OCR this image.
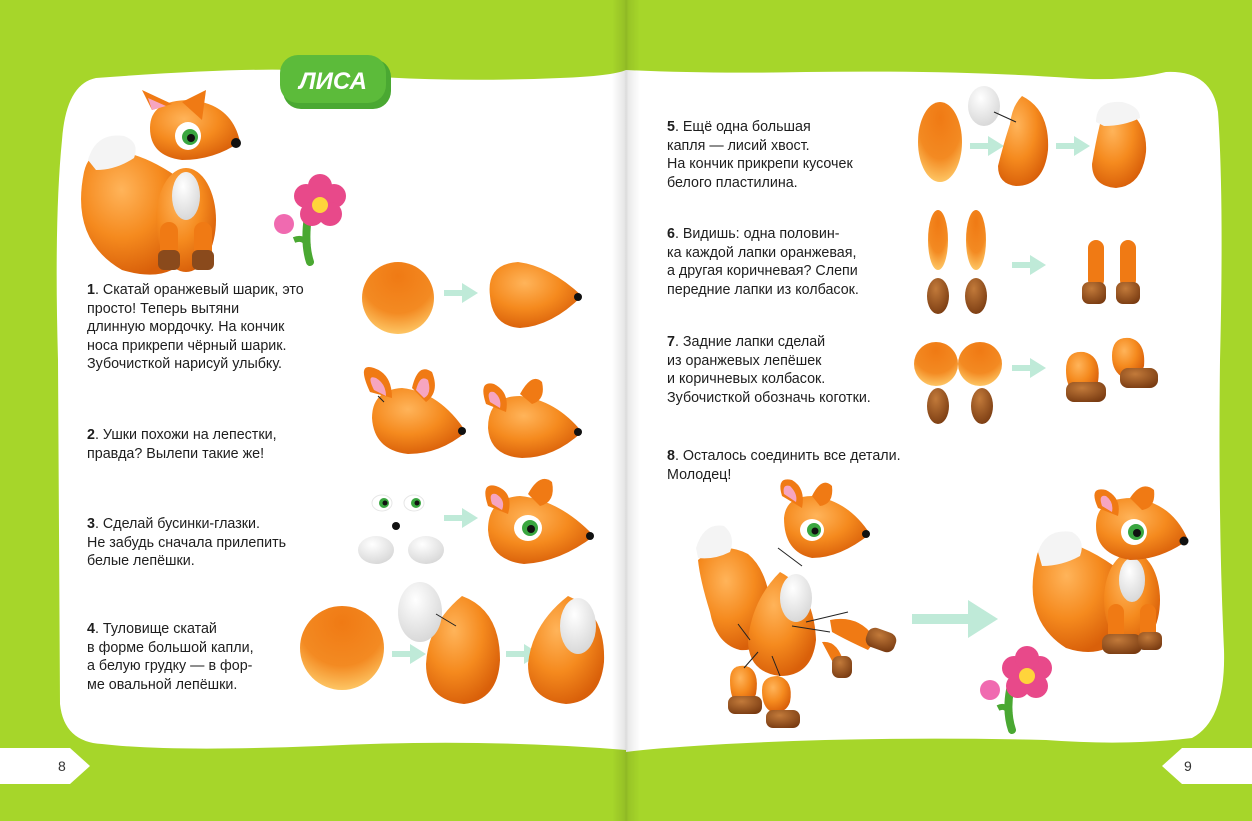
ЛИСА
1. Скатай оранжевый шарик, это
просто! Теперь вытяни
длинную мордочку. На кончик
носа прикрепи чёрный шарик.
Зубочисткой нарисуй улыбку.
2. Ушки похожи на лепестки,
правда? Вылепи такие же!
3. Сделай бусинки-глазки.
Не забудь сначала прилепить
белые лепёшки.
4. Туловище скатай
в форме большой капли,
а белую грудку — в фор-
ме овальной лепёшки.
5. Ещё одна большая
капля — лисий хвост.
На кончик прикрепи кусочек
белого пластилина.
6. Видишь: одна половин-
ка каждой лапки оранжевая,
а другая коричневая? Слепи
передние лапки из колбасок.
7. Задние лапки сделай
из оранжевых лепёшек
и коричневых колбасок.
Зубочисткой обозначь коготки.
8. Осталось соединить все детали.
Молодец!
8	9
